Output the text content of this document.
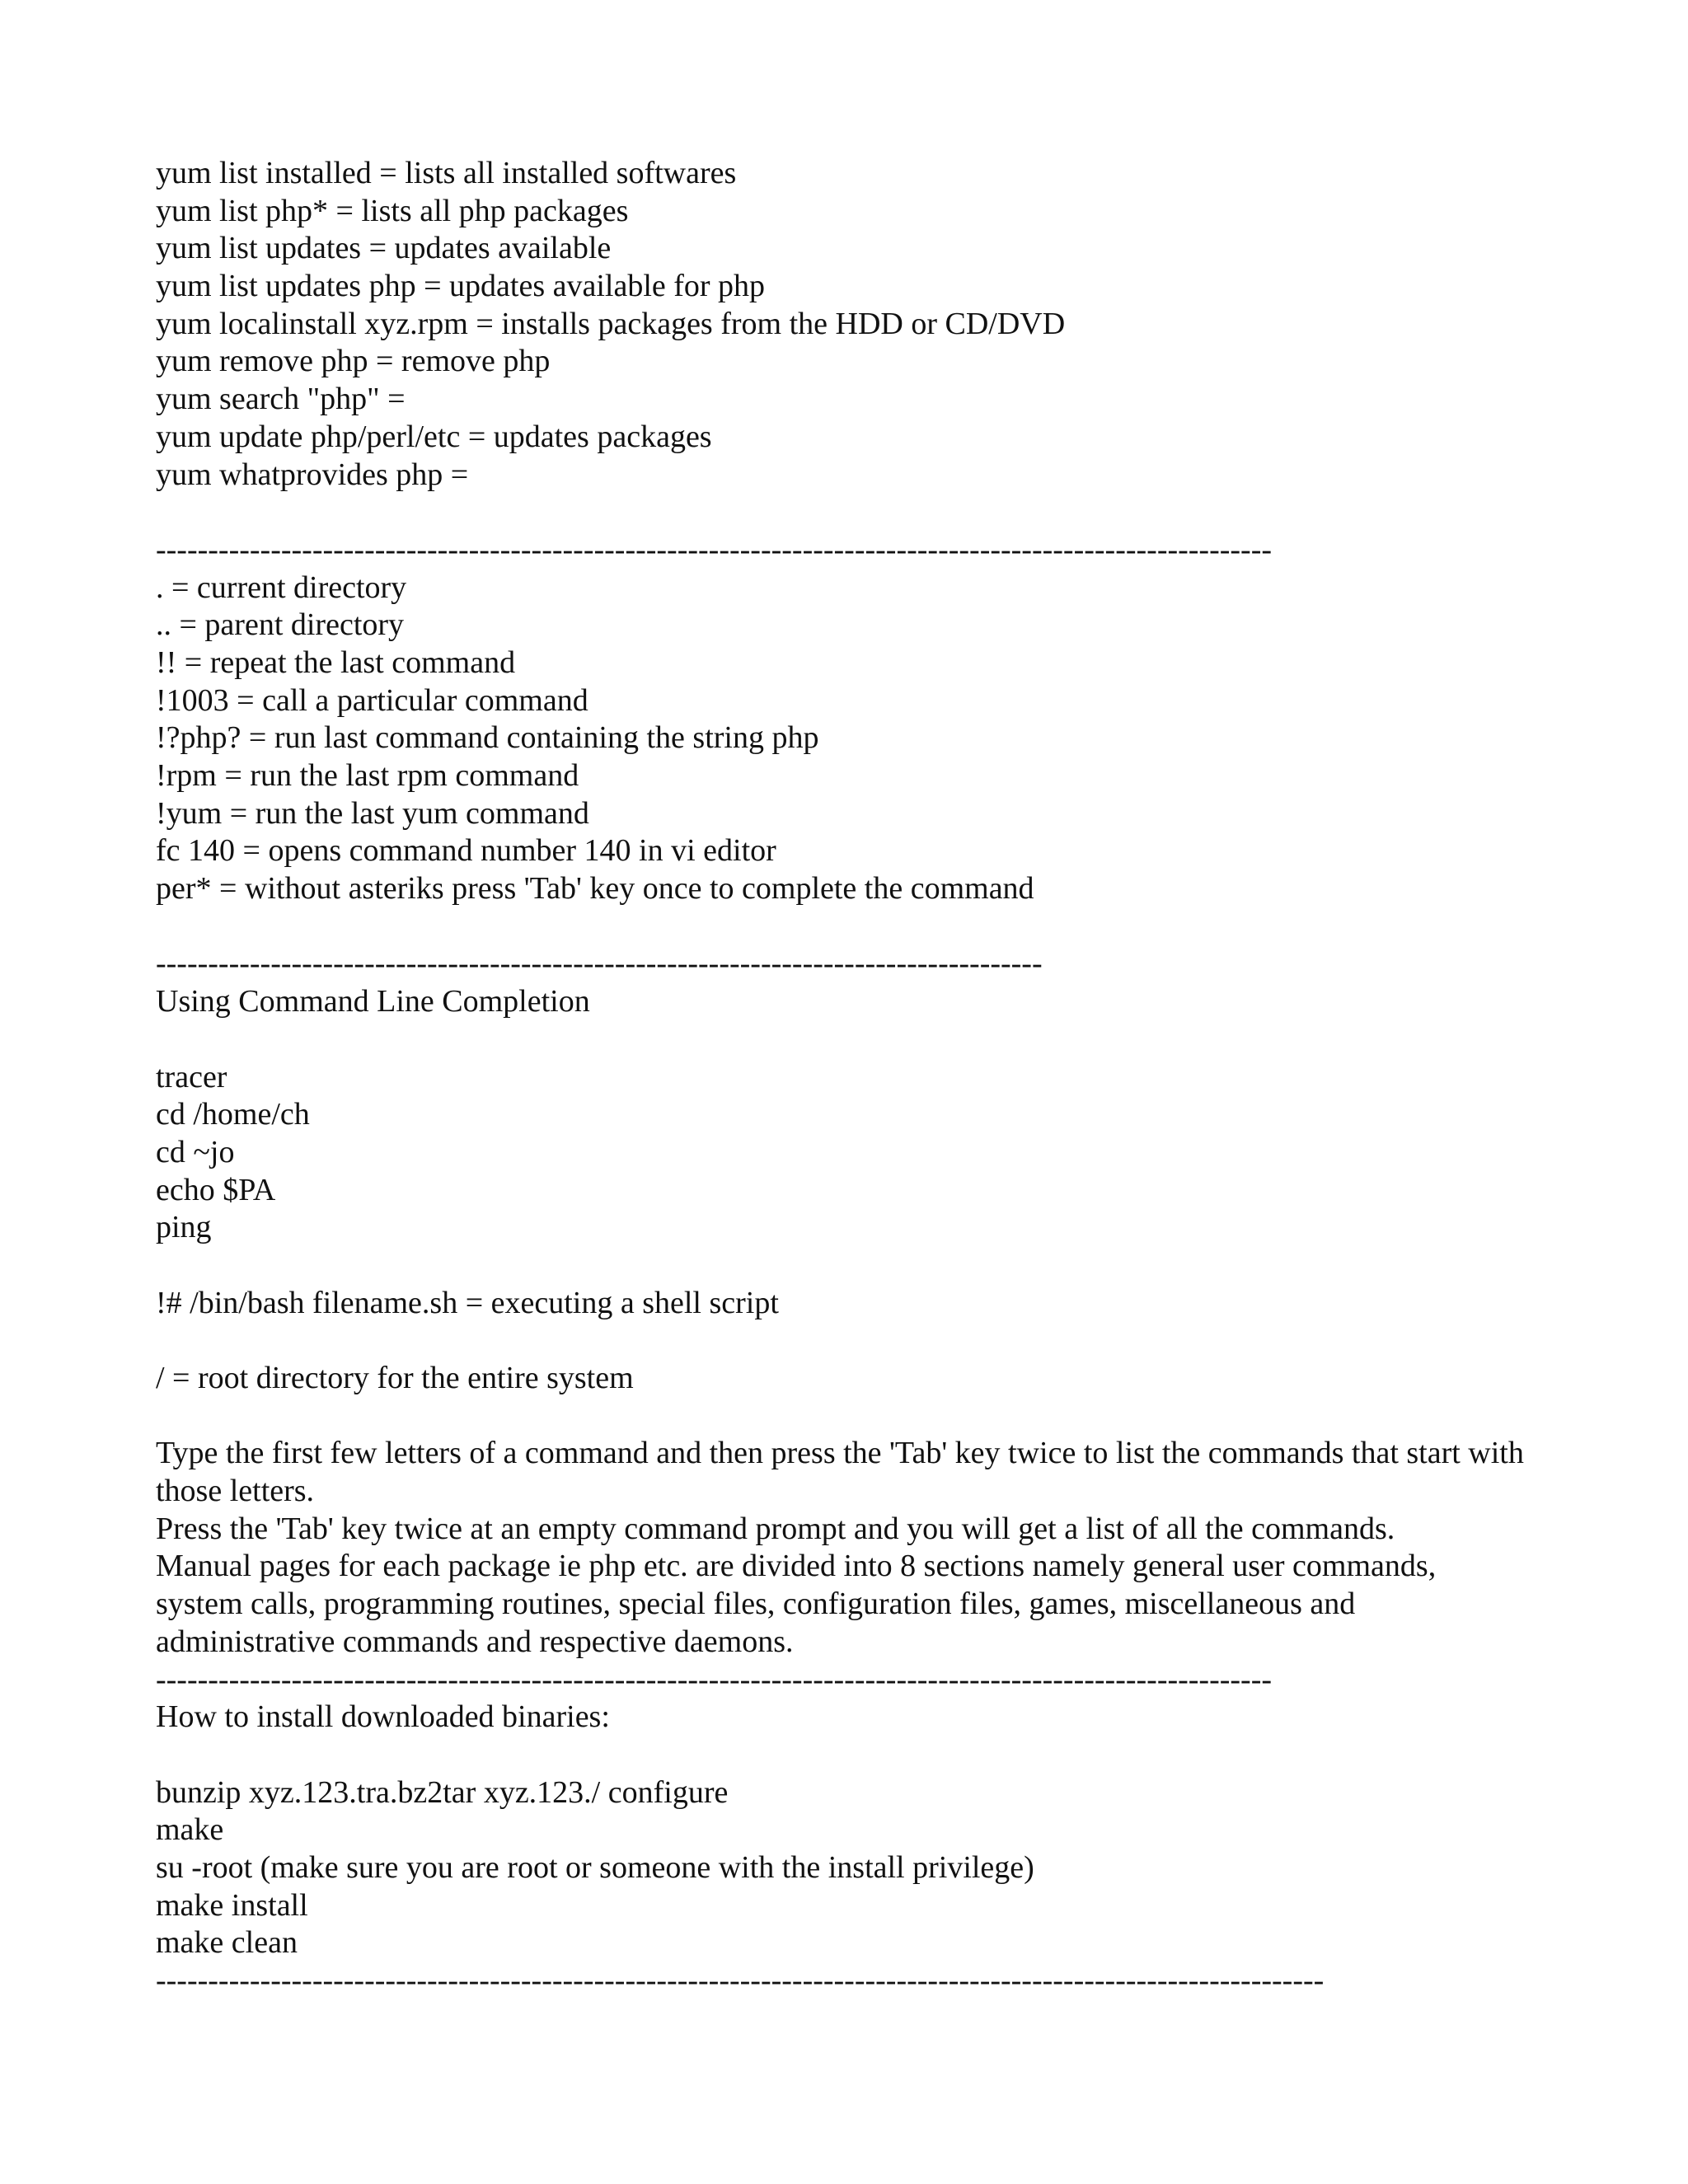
yum list installed = lists all installed softwares
yum list php* = lists all php packages
yum list updates = updates available
yum list updates php = updates available for php
yum localinstall xyz.rpm = installs packages from the HDD or CD/DVD
yum remove php = remove php
yum search "php" =
yum update php/perl/etc = updates packages
yum whatprovides php =
-----------------------------------------------------------------------------------------------------------
. = current directory
.. = parent directory
!! = repeat the last command
!1003 = call a particular command
!?php? = run last command containing the string php
!rpm = run the last rpm command
!yum = run the last yum command
fc 140 = opens command number 140 in vi editor
per* = without asteriks press 'Tab' key once to complete the command
-------------------------------------------------------------------------------------
Using Command Line Completion
tracer
cd /home/ch
cd ~jo
echo $PA
ping
!# /bin/bash filename.sh = executing a shell script
/ = root directory for the entire system
Type the first few letters of a command and then press the 'Tab' key twice to list the commands that start with those letters.
Press the 'Tab' key twice at an empty command prompt and you will get a list of all the commands.
Manual pages for each package ie php etc. are divided into 8 sections namely general user commands, system calls, programming routines, special files, configuration files, games, miscellaneous and administrative commands and respective daemons.
-----------------------------------------------------------------------------------------------------------
How to install downloaded binaries:
bunzip xyz.123.tra.bz2tar xyz.123./ configure
make
su -root (make sure you are root or someone with the install privilege)
make install
make clean
----------------------------------------------------------------------------------------------------------------
